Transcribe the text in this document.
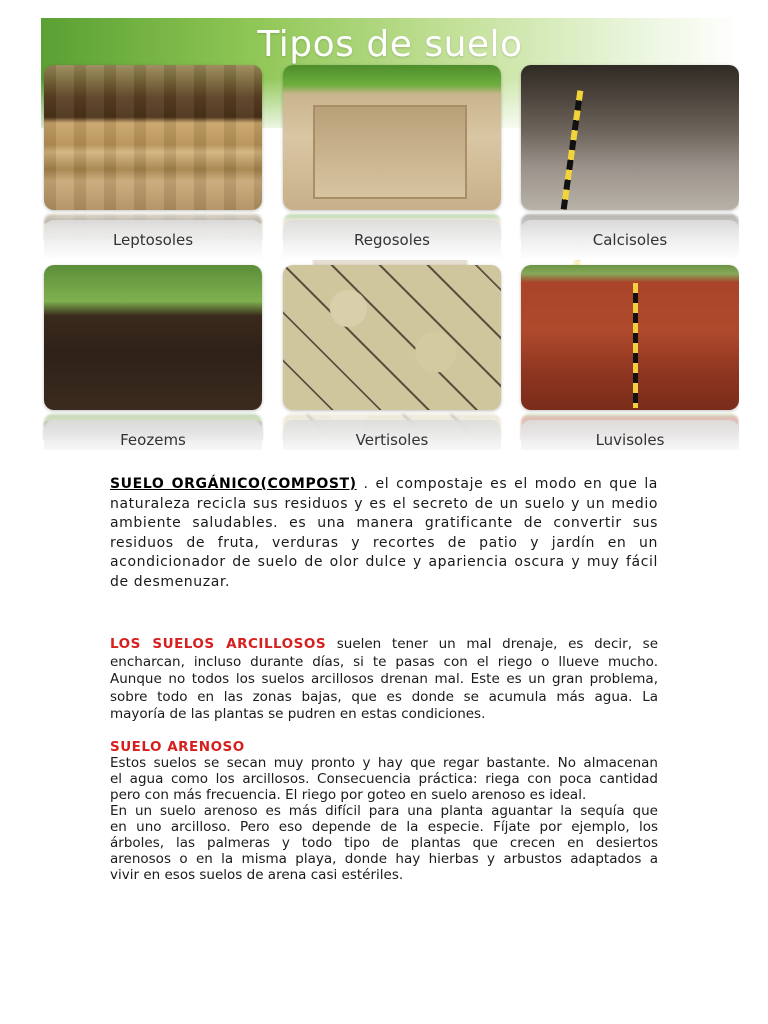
Tipos de suelo
Leptosoles	Regosoles	Calcisoles
Feozems	Vertisoles	Luvisoles
SUELO ORGÁNICO(COMPOST) . el compostaje es el modo en que la
naturaleza recicla sus residuos y es el secreto de un suelo y un medio
ambiente saludables. es una manera gratificante de convertir sus
residuos de fruta, verduras y recortes de patio y jardín en un
acondicionador de suelo de olor dulce y apariencia oscura y muy fácil
de desmenuzar.
LOS SUELOS ARCILLOSOS suelen tener un mal drenaje, es decir, se
encharcan, incluso durante días, si te pasas con el riego o llueve mucho.
Aunque no todos los suelos arcillosos drenan mal. Este es un gran problema,
sobre todo en las zonas bajas, que es donde se acumula más agua. La
mayoría de las plantas se pudren en estas condiciones.
SUELO ARENOSO
Estos suelos se secan muy pronto y hay que regar bastante. No almacenan
el agua como los arcillosos. Consecuencia práctica: riega con poca cantidad
pero con más frecuencia. El riego por goteo en suelo arenoso es ideal.
En un suelo arenoso es más difícil para una planta aguantar la sequía que
en uno arcilloso. Pero eso depende de la especie. Fíjate por ejemplo, los
árboles, las palmeras y todo tipo de plantas que crecen en desiertos
arenosos o en la misma playa, donde hay hierbas y arbustos adaptados a
vivir en esos suelos de arena casi estériles.
